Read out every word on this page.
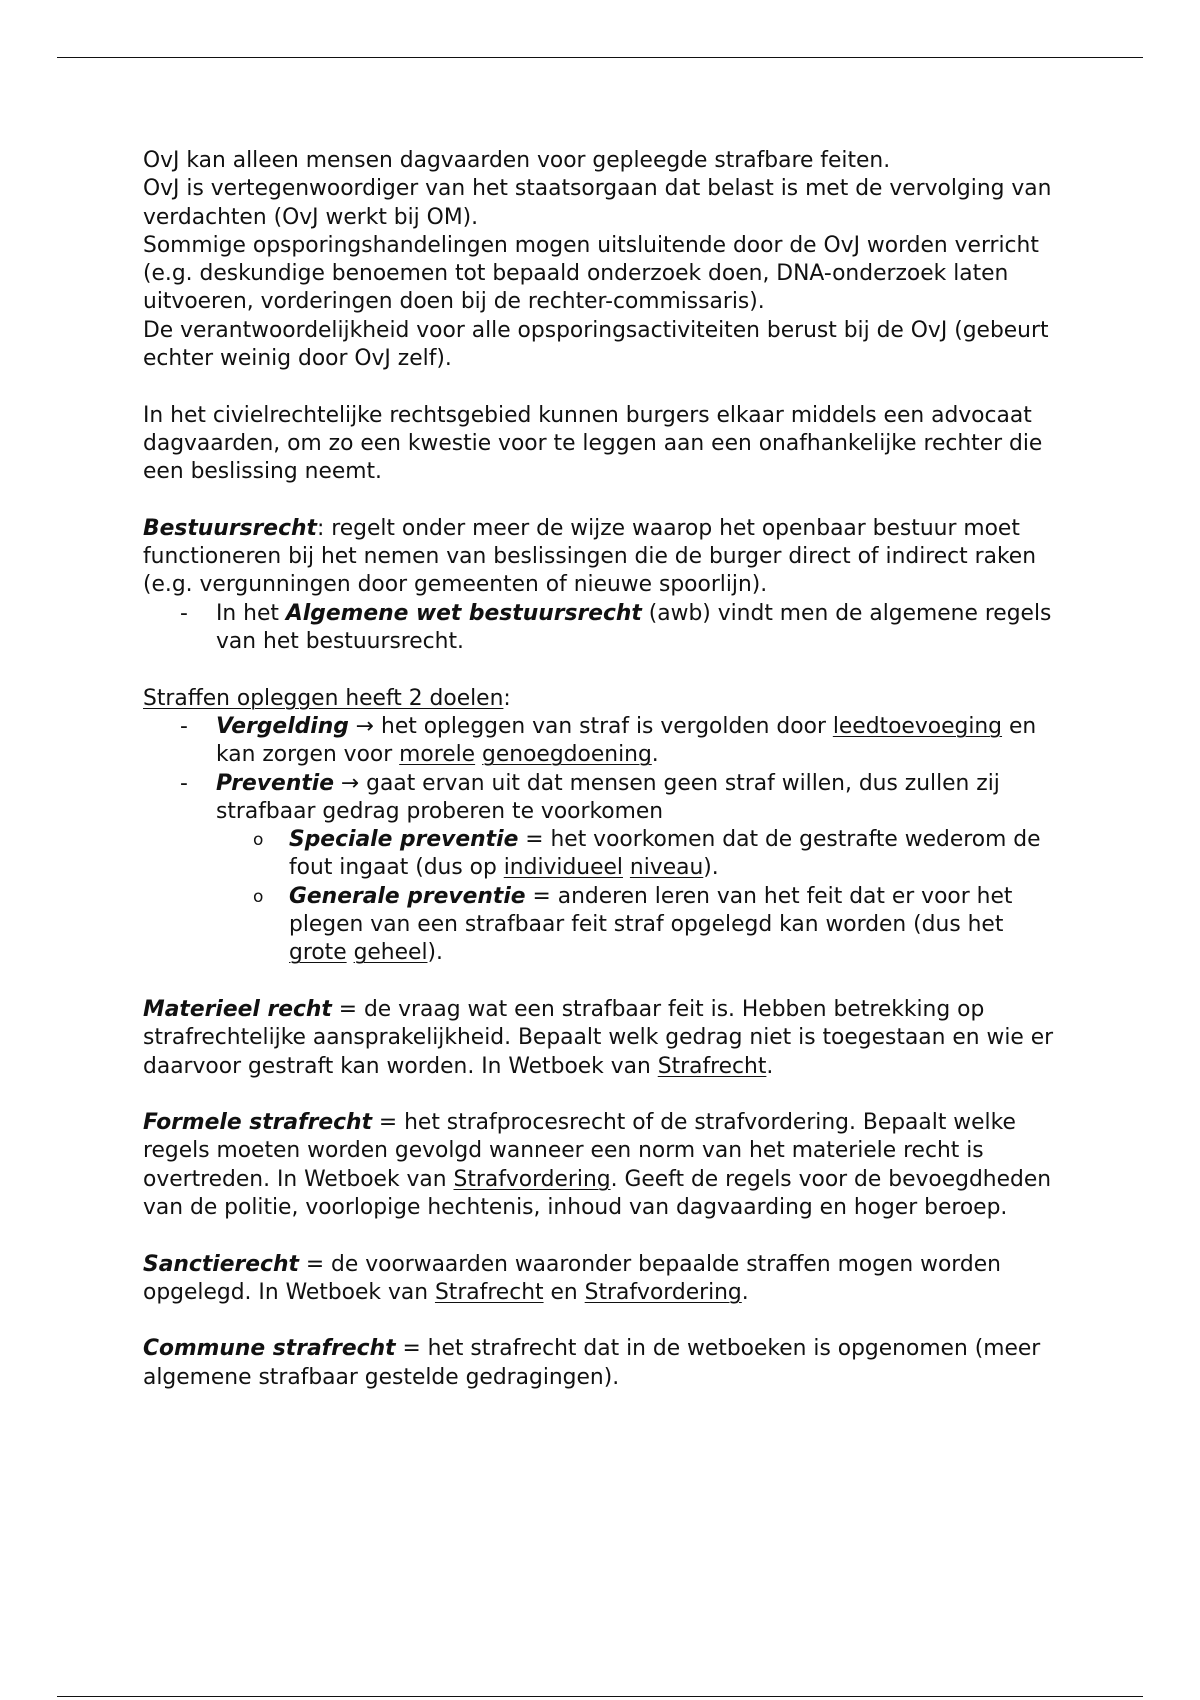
OvJ kan alleen mensen dagvaarden voor gepleegde strafbare feiten.

OvJ is vertegenwoordiger van het staatsorgaan dat belast is met de vervolging van verdachten (OvJ werkt bij OM).

Sommige opsporingshandelingen mogen uitsluitende door de OvJ worden verricht (e.g. deskundige benoemen tot bepaald onderzoek doen, DNA-onderzoek laten uitvoeren, vorderingen doen bij de rechter-commissaris).

De verantwoordelijkheid voor alle opsporingsactiviteiten berust bij de OvJ (gebeurt echter weinig door OvJ zelf).

In het civielrechtelijke rechtsgebied kunnen burgers elkaar middels een advocaat dagvaarden, om zo een kwestie voor te leggen aan een onafhankelijke rechter die een beslissing neemt.

Bestuursrecht: regelt onder meer de wijze waarop het openbaar bestuur moet functioneren bij het nemen van beslissingen die de burger direct of indirect raken (e.g. vergunningen door gemeenten of nieuwe spoorlijn).

- In het Algemene wet bestuursrecht (awb) vindt men de algemene regels van het bestuursrecht.

Straffen opleggen heeft 2 doelen:

- Vergelding → het opleggen van straf is vergolden door leedtoevoeging en kan zorgen voor morele genoegdoening.
- Preventie → gaat ervan uit dat mensen geen straf willen, dus zullen zij strafbaar gedrag proberen te voorkomen
o Speciale preventie = het voorkomen dat de gestrafte wederom de fout ingaat (dus op individueel niveau).
o Generale preventie = anderen leren van het feit dat er voor het plegen van een strafbaar feit straf opgelegd kan worden (dus het grote geheel).

Materieel recht = de vraag wat een strafbaar feit is. Hebben betrekking op strafrechtelijke aansprakelijkheid. Bepaalt welk gedrag niet is toegestaan en wie er daarvoor gestraft kan worden. In Wetboek van Strafrecht.

Formele strafrecht = het strafprocesrecht of de strafvordering. Bepaalt welke regels moeten worden gevolgd wanneer een norm van het materiele recht is overtreden. In Wetboek van Strafvordering. Geeft de regels voor de bevoegdheden van de politie, voorlopige hechtenis, inhoud van dagvaarding en hoger beroep.

Sanctierecht = de voorwaarden waaronder bepaalde straffen mogen worden opgelegd. In Wetboek van Strafrecht en Strafvordering.

Commune strafrecht = het strafrecht dat in de wetboeken is opgenomen (meer algemene strafbaar gestelde gedragingen).
